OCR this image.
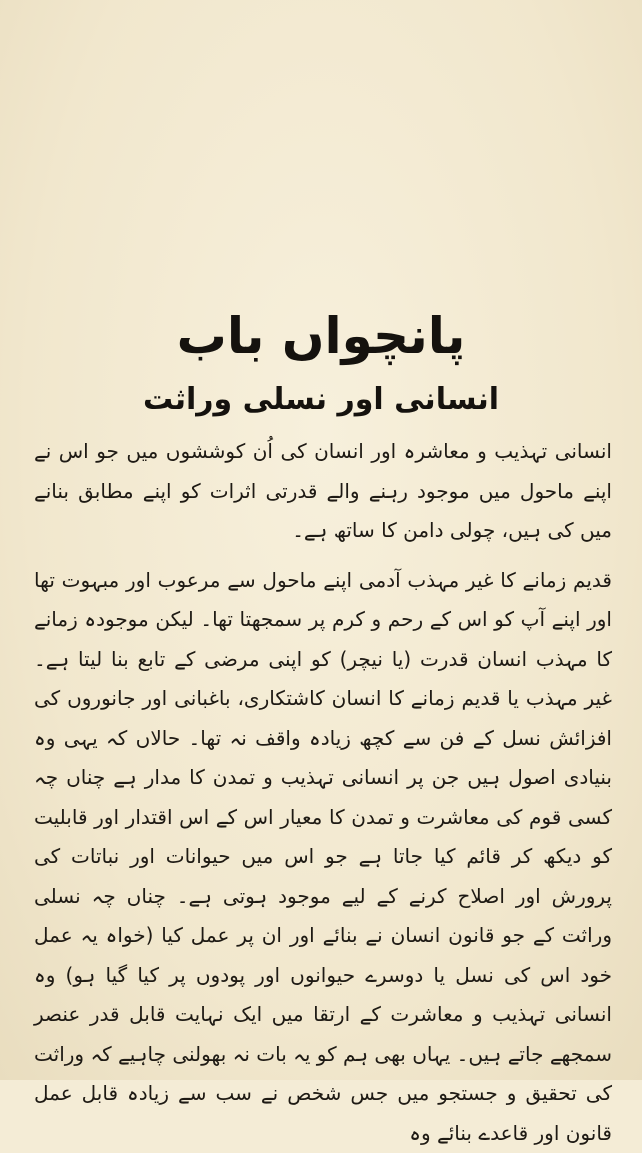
پانچواں باب
انسانی اور نسلی وراثت

انسانی تہذیب و معاشرہ اور انسان کی اُن کوششوں میں جو اس نے اپنے ماحول میں موجود رہنے والے قدرتی اثرات کو اپنے مطابق بنانے میں کی ہیں، چولی دامن کا ساتھ ہے۔

قدیم زمانے کا غیر مہذب آدمی اپنے ماحول سے مرعوب اور مبہوت تھا اور اپنے آپ کو اس کے رحم و کرم پر سمجھتا تھا۔ لیکن موجودہ زمانے کا مہذب انسان قدرت (یا نیچر) کو اپنی مرضی کے تابع بنا لیتا ہے۔ غیر مہذب یا قدیم زمانے کا انسان کاشتکاری، باغبانی اور جانوروں کی افزائش نسل کے فن سے کچھ زیادہ واقف نہ تھا۔ حالاں کہ یہی وہ بنیادی اصول ہیں جن پر انسانی تہذیب و تمدن کا مدار ہے چناں چہ کسی قوم کی معاشرت و تمدن کا معیار اس کے اس اقتدار اور قابلیت کو دیکھ کر قائم کیا جاتا ہے جو اس میں حیوانات اور نباتات کی پرورش اور اصلاح کرنے کے لیے موجود ہوتی ہے۔ چناں چہ نسلی وراثت کے جو قانون انسان نے بنائے اور ان پر عمل کیا (خواہ یہ عمل خود اس کی نسل یا دوسرے حیوانوں اور پودوں پر کیا گیا ہو) وہ انسانی تہذیب و معاشرت کے ارتقا میں ایک نہایت قابل قدر عنصر سمجھے جاتے ہیں۔ یہاں بھی ہم کو یہ بات نہ بھولنی چاہیے کہ وراثت کی تحقیق و جستجو میں جس شخص نے سب سے زیادہ قابل عمل قانون اور قاعدے بنائے وہ
